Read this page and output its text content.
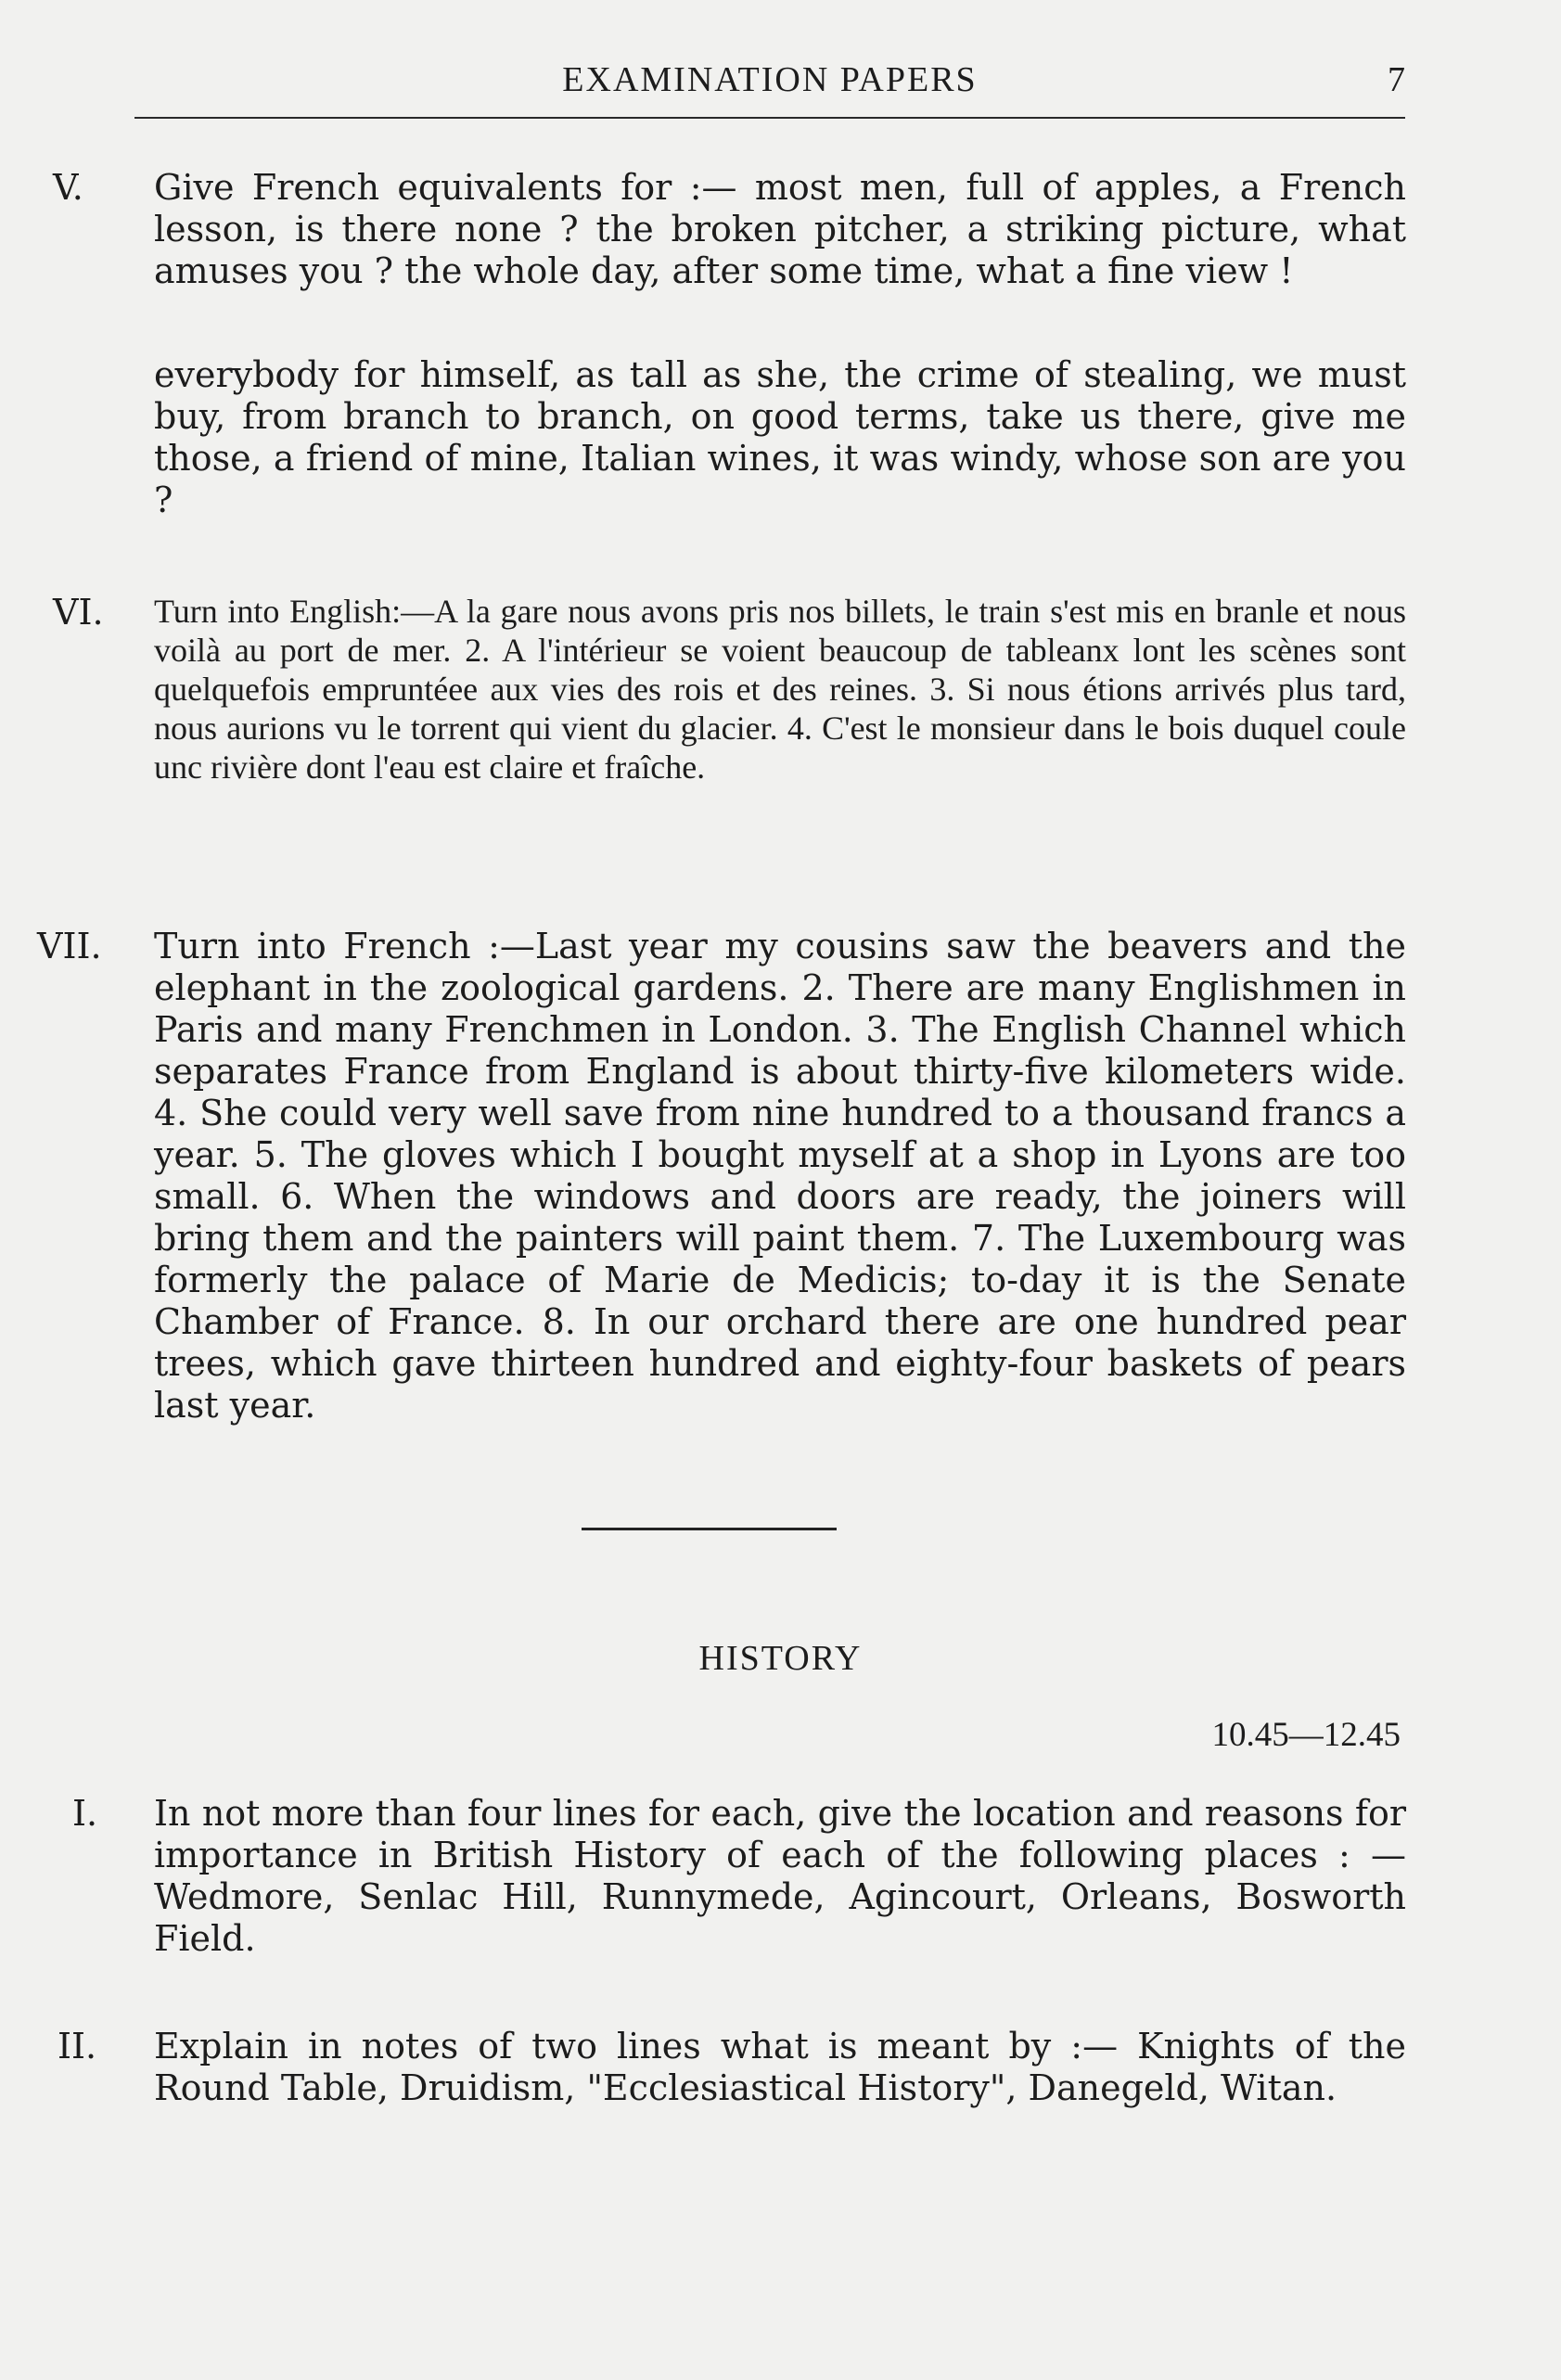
EXAMINATION PAPERS	7
V. Give French equivalents for :— most men, full of apples, a French lesson, is there none ? the broken pitcher, a striking picture, what amuses you ? the whole day, after some time, what a fine view !

everybody for himself, as tall as she, the crime of stealing, we must buy, from branch to branch, on good terms, take us there, give me those, a friend of mine, Italian wines, it was windy, whose son are you ?

VI. Turn into English:—A la gare nous avons pris nos billets, le train s'est mis en branle et nous voilà au port de mer. 2. A l'intérieur se voient beaucoup de tableanx lont les scènes sont quelquefois empruntéee aux vies des rois et des reines. 3. Si nous étions arrivés plus tard, nous aurions vu le torrent qui vient du glacier. 4. C'est le monsieur dans le bois duquel coule unc rivière dont l'eau est claire et fraîche.
VII. Turn into French :—Last year my cousins saw the beavers and the elephant in the zoological gardens. 2. There are many Englishmen in Paris and many Frenchmen in London. 3. The English Channel which separates France from England is about thirty-five kilometers wide. 4. She could very well save from nine hundred to a thousand francs a year. 5. The gloves which I bought myself at a shop in Lyons are too small. 6. When the windows and doors are ready, the joiners will bring them and the painters will paint them. 7. The Luxembourg was formerly the palace of Marie de Medicis; to-day it is the Senate Chamber of France. 8. In our orchard there are one hundred pear trees, which gave thirteen hundred and eighty-four baskets of pears last year.
HISTORY
10.45—12.45
I. In not more than four lines for each, give the location and reasons for importance in British History of each of the following places : —Wedmore, Senlac Hill, Runnymede, Agincourt, Orleans, Bosworth Field.
II. Explain in notes of two lines what is meant by :— Knights of the Round Table, Druidism, "Ecclesiastical History", Danegeld, Witan.
